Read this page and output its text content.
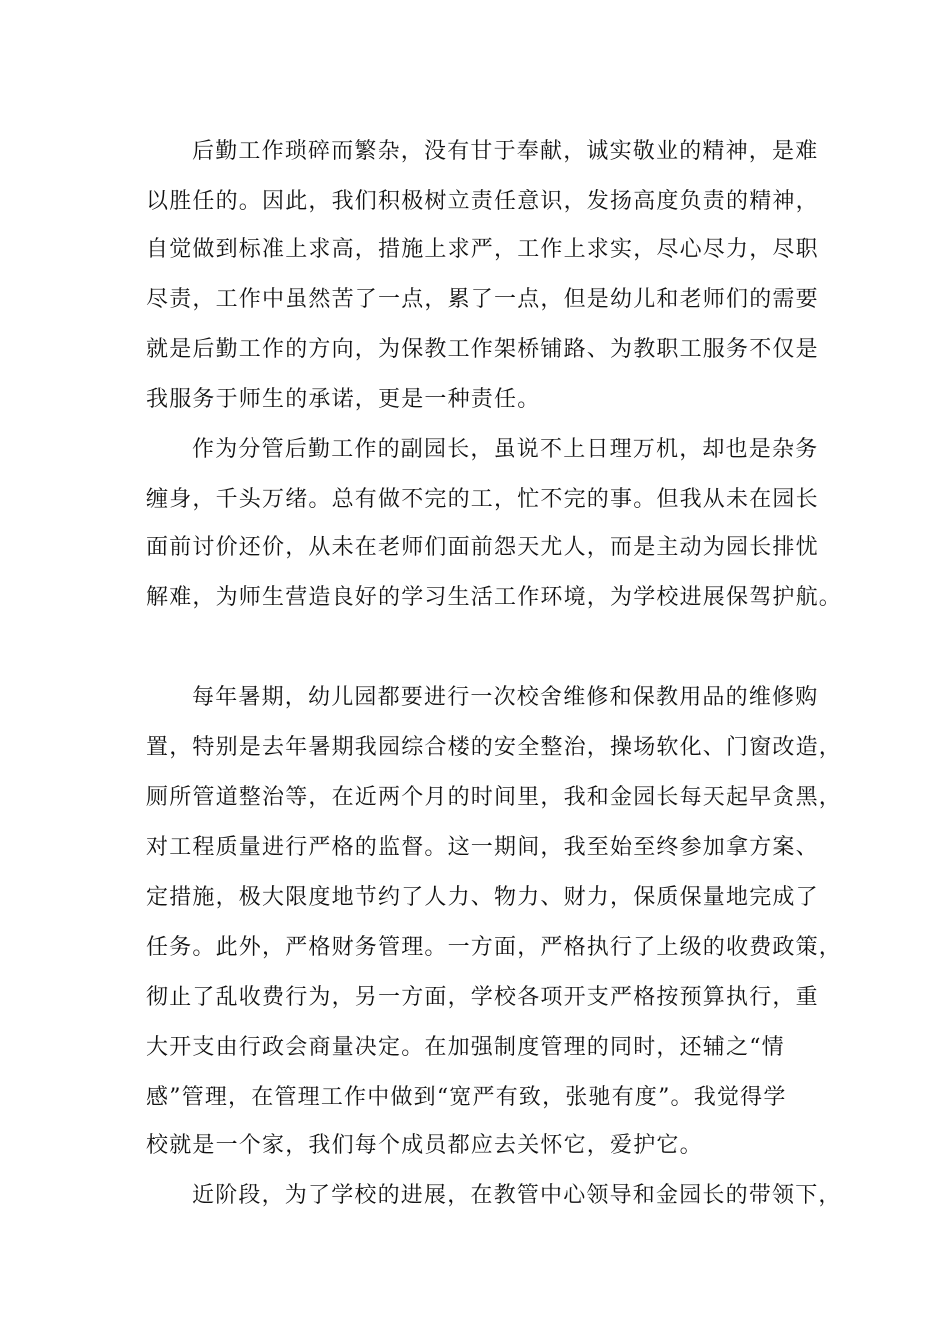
后勤工作琐碎而繁杂，没有甘于奉献，诚实敬业的精神，是难
以胜任的。因此，我们积极树立责任意识，发扬高度负责的精神，
自觉做到标准上求高，措施上求严，工作上求实，尽心尽力，尽职
尽责，工作中虽然苦了一点，累了一点，但是幼儿和老师们的需要
就是后勤工作的方向，为保教工作架桥铺路、为教职工服务不仅是
我服务于师生的承诺，更是一种责任。
作为分管后勤工作的副园长，虽说不上日理万机，却也是杂务
缠身，千头万绪。总有做不完的工，忙不完的事。但我从未在园长
面前讨价还价，从未在老师们面前怨天尤人，而是主动为园长排忧
解难，为师生营造良好的学习生活工作环境，为学校进展保驾护航。
每年暑期，幼儿园都要进行一次校舍维修和保教用品的维修购
置，特别是去年暑期我园综合楼的安全整治，操场软化、门窗改造，
厕所管道整治等，在近两个月的时间里，我和金园长每天起早贪黑，
对工程质量进行严格的监督。这一期间，我至始至终参加拿方案、
定措施，极大限度地节约了人力、物力、财力，保质保量地完成了
任务。此外，严格财务管理。一方面，严格执行了上级的收费政策，
彻止了乱收费行为，另一方面，学校各项开支严格按预算执行，重
大开支由行政会商量决定。在加强制度管理的同时，还辅之“情
感”管理，在管理工作中做到“宽严有致，张驰有度”。我觉得学
校就是一个家，我们每个成员都应去关怀它，爱护它。
近阶段，为了学校的进展，在教管中心领导和金园长的带领下，
